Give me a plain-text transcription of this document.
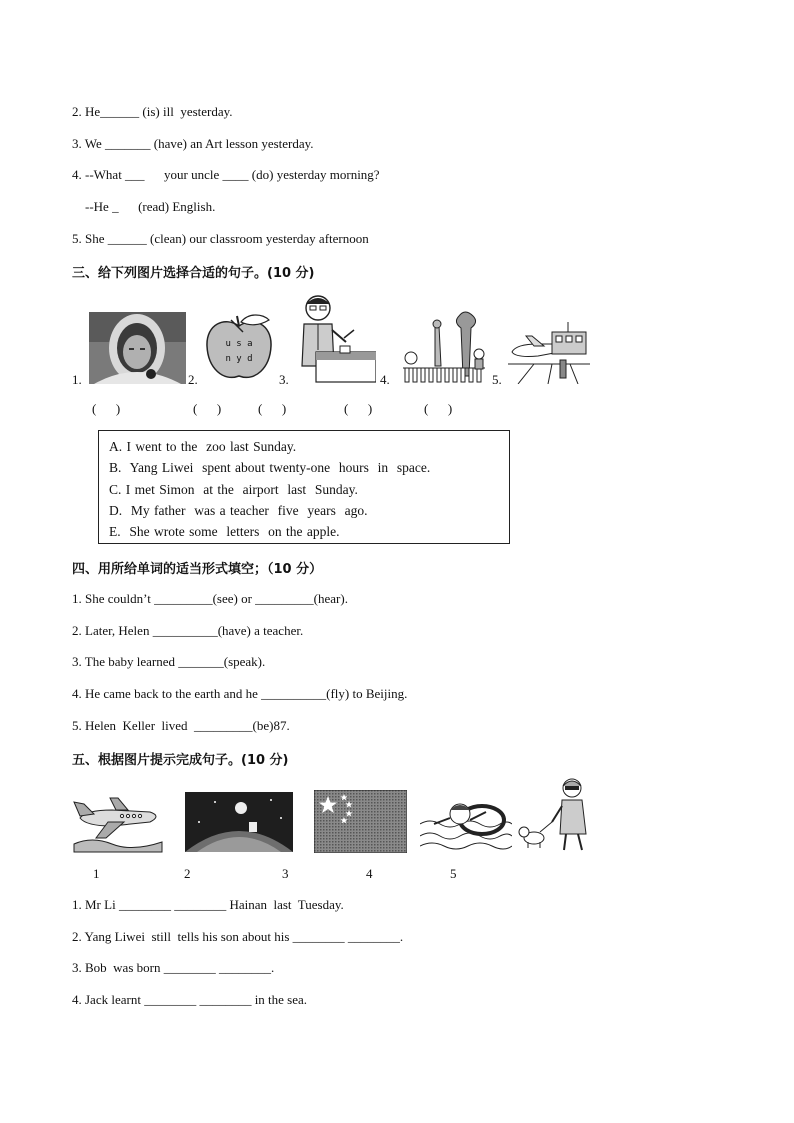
2. He______ (is) ill  yesterday.
3. We _______ (have) an Art lesson yesterday.
4. --What ___      your uncle ____ (do) yesterday morning?
--He _      (read) English.
5. She ______ (clean) our classroom yesterday afternoon
三、给下列图片选择合适的句子。(10 分)
1.	2.
u s a
n y d
3.	4.	5.
(      )	(      )	(      )	(      )	(      )
A. I went to the  zoo last Sunday.
B.  Yang Liwei  spent about twenty-one  hours  in  space.
C. I met Simon  at the  airport  last  Sunday.
D.  My father  was a teacher  five  years  ago.
E.  She wrote some  letters  on the apple.
四、用所给单词的适当形式填空；（10 分）
1. She couldn’t _________(see) or _________(hear).
2. Later, Helen __________(have) a teacher.
3. The baby learned _______(speak).
4. He came back to the earth and he __________(fly) to Beijing.
5. Helen  Keller  lived  _________(be)87.
五、根据图片提示完成句子。(10 分)
1	2	3	4	5
1. Mr Li ________ ________ Hainan  last  Tuesday.
2. Yang Liwei  still  tells his son about his ________ ________.
3. Bob  was born ________ ________.
4. Jack learnt ________ ________ in the sea.
